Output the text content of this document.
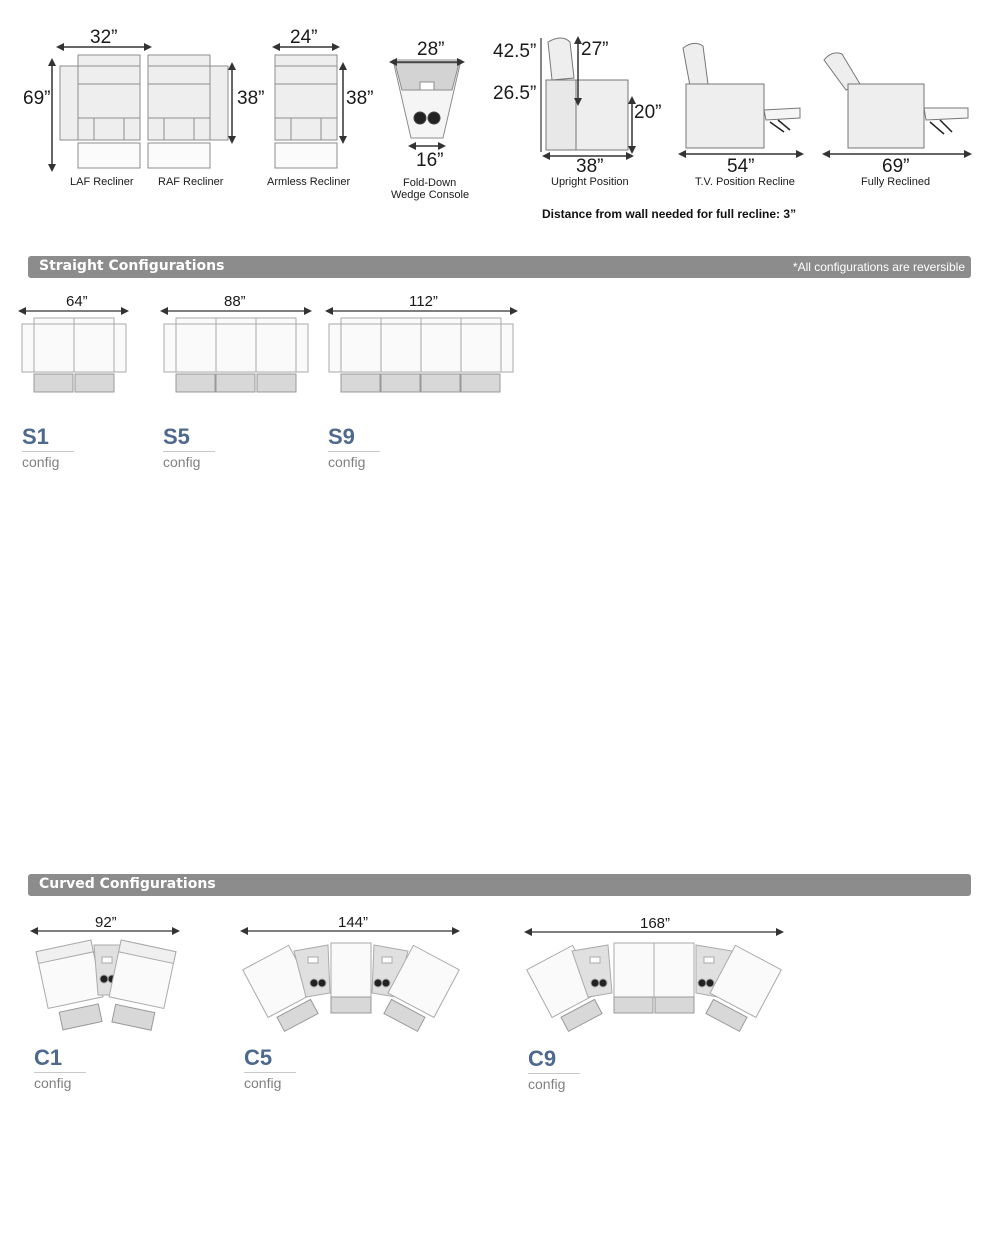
32”
69”	38”
LAF Recliner RAF Recliner
24”
38”
Armless Recliner
28”
16”
Fold-Down
Wedge Console
42.5”
26.5”
27”
20”
38”
Upright Position
54”
T.V. Position Recline
69”
Fully Reclined
Distance from wall needed for full recline: 3”
Straight Configurations	*All configurations are reversible
64”	88”	112”
S1
config
S5
config
S9
config
Curved Configurations
92”	144”	168”
C1
config
C5
config
C9
config
